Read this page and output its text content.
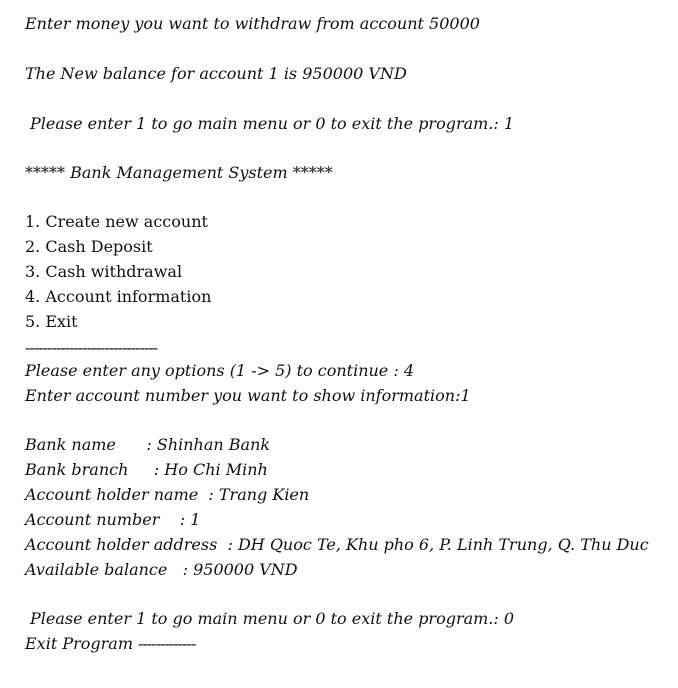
Enter money you want to withdraw from account 50000
The New balance for account 1 is 950000 VND
Please enter 1 to go main menu or 0 to exit the program.: 1
***** Bank Management System *****
1. Create new account
2. Cash Deposit
3. Cash withdrawal
4. Account information
5. Exit
------------------------------
Please enter any options (1 -> 5) to continue : 4
Enter account number you want to show information:1
Bank name      : Shinhan Bank
Bank branch     : Ho Chi Minh
Account holder name  : Trang Kien
Account number    : 1
Account holder address  : DH Quoc Te, Khu pho 6, P. Linh Trung, Q. Thu Duc
Available balance   : 950000 VND
Please enter 1 to go main menu or 0 to exit the program.: 0
Exit Program -------------
